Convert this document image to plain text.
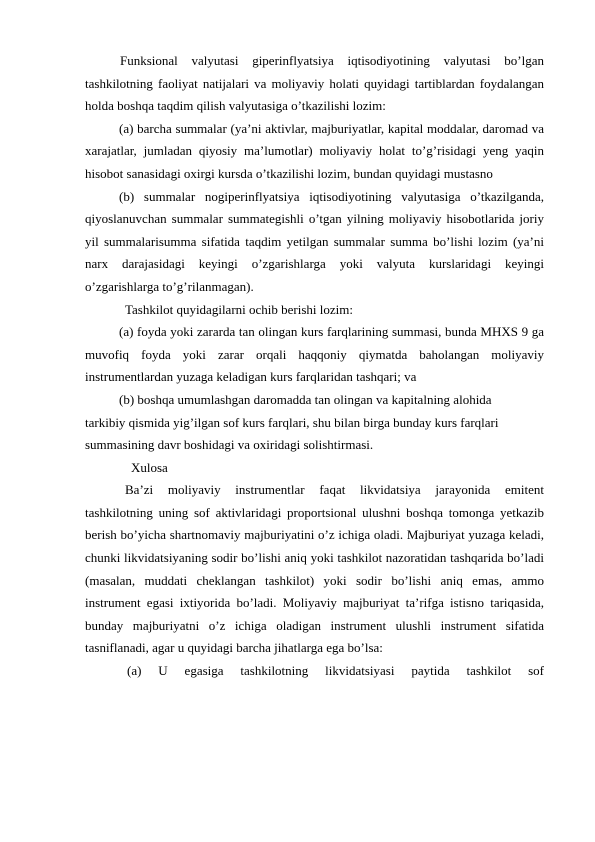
Funksional valyutasi giperinflyatsiya iqtisodiyotining valyutasi bo’lgan tashkilotning faoliyat natijalari va moliyaviy holati quyidagi tartiblardan foydalangan holda boshqa taqdim qilish valyutasiga o’tkazilishi lozim:

(a) barcha summalar (ya’ni aktivlar, majburiyatlar, kapital moddalar, daromad va xarajatlar, jumladan qiyosiy ma’lumotlar) moliyaviy holat to’g’risidagi yeng yaqin hisobot sanasidagi oxirgi kursda o’tkazilishi lozim, bundan quyidagi mustasno

(b) summalar nogiperinflyatsiya iqtisodiyotining valyutasiga o’tkazilganda, qiyoslanuvchan summalar summategishli o’tgan yilning moliyaviy hisobotlarida joriy yil summalarisumma sifatida taqdim yetilgan summalar summa bo’lishi lozim (ya’ni narx darajasidagi keyingi o’zgarishlarga yoki valyuta kurslaridagi keyingi o’zgarishlarga to’g’rilanmagan).

Tashkilot quyidagilarni ochib berishi lozim:

(a) foyda yoki zararda tan olingan kurs farqlarining summasi, bunda MHXS 9 ga muvofiq foyda yoki zarar orqali haqqoniy qiymatda baholangan moliyaviy instrumentlardan yuzaga keladigan kurs farqlaridan tashqari; va

(b) boshqa umumlashgan daromadda tan olingan va kapitalning alohida

tarkibiy qismida yig’ilgan sof kurs farqlari, shu bilan birga bunday kurs farqlari

summasining davr boshidagi va oxiridagi solishtirmasi.

Xulosa

Ba’zi moliyaviy instrumentlar faqat likvidatsiya jarayonida emitent tashkilotning uning sof aktivlaridagi proportsional ulushni boshqa tomonga yetkazib berish bo’yicha shartnomaviy majburiyatini o’z ichiga oladi. Majburiyat yuzaga keladi, chunki likvidatsiyaning sodir bo’lishi aniq yoki tashkilot nazoratidan tashqarida bo’ladi (masalan, muddati cheklangan tashkilot) yoki sodir bo’lishi aniq emas, ammo instrument egasi ixtiyorida bo’ladi. Moliyaviy majburiyat ta’rifga istisno tariqasida, bunday majburiyatni o’z ichiga oladigan instrument ulushli instrument sifatida tasniflanadi, agar u quyidagi barcha jihatlarga ega bo’lsa:

(a) U egasiga tashkilotning likvidatsiyasi paytida tashkilot sof
